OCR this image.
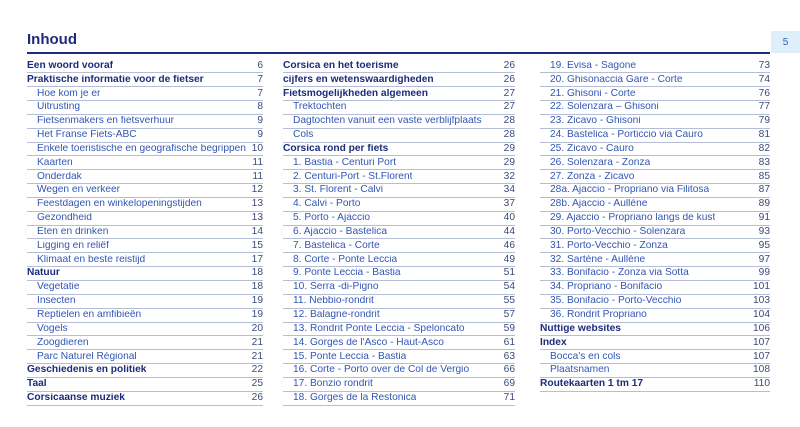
Inhoud	5
Een woord vooraf	6
Praktische informatie voor de fietser	7
Hoe kom je er	7
Uitrusting	8
Fietsenmakers en fietsverhuur	9
Het Franse Fiets-ABC	9
Enkele toeristische en geografische begrippen 10
Kaarten	11
Onderdak	11
Wegen en verkeer	12
Feestdagen en winkelopeningstijden	13
Gezondheid	13
Eten en drinken	14
Ligging en reliëf	15
Klimaat en beste reistijd	17
Natuur	18
Vegetatie	18
Insecten	19
Reptielen en amfibieën	19
Vogels	20
Zoogdieren	21
Parc Naturel Régional	21
Geschiedenis en politiek	22
Taal	25
Corsicaanse muziek	26
Corsica en het toerisme	26
cijfers en wetenswaardigheden	26
Fietsmogelijkheden algemeen	27
Trektochten	27
Dagtochten vanuit een vaste verblijfplaats	28
Cols	28
Corsica rond per fiets	29
1. Bastia - Centuri Port	29
2. Centuri-Port - St.Florent	32
3. St. Florent - Calvi	34
4. Calvi - Porto	37
5. Porto - Ajaccio	40
6. Ajaccio - Bastelica	44
7. Bastelica - Corte	46
8. Corte - Ponte Leccia	49
9. Ponte Leccia - Bastia	51
10. Serra -di-Pigno	54
11. Nebbio-rondrit	55
12. Balagne-rondrit	57
13. Rondrit Ponte Leccia - Speloncato	59
14. Gorges de l'Asco - Haut-Asco	61
15. Ponte Leccia - Bastia	63
16. Corte - Porto over de Col de Vergio	66
17. Bonzio rondrit	69
18. Gorges de la Restonica	71
19. Evisa - Sagone	73
20. Ghisonaccia Gare - Corte	74
21. Ghisoni - Corte	76
22. Solenzara – Ghisoni	77
23. Zicavo - Ghisoni	79
24. Bastelica - Porticcio via Cauro	81
25. Zicavo - Cauro	82
26. Solenzara - Zonza	83
27. Zonza - Zicavo	85
28a. Ajaccio - Propriano via Filitosa	87
28b. Ajaccio - Aullène	89
29. Ajaccio - Propriano langs de kust	91
30. Porto-Vecchio - Solenzara	93
31. Porto-Vecchio - Zonza	95
32. Sartène - Aullène	97
33. Bonifacio - Zonza via Sotta	99
34. Propriano - Bonifacio	101
35. Bonifacio - Porto-Vecchio	103
36. Rondrit Propriano	104
Nuttige websites	106
Index	107
Bocca's en cols	107
Plaatsnamen	108
Routekaarten 1 tm 17	110
